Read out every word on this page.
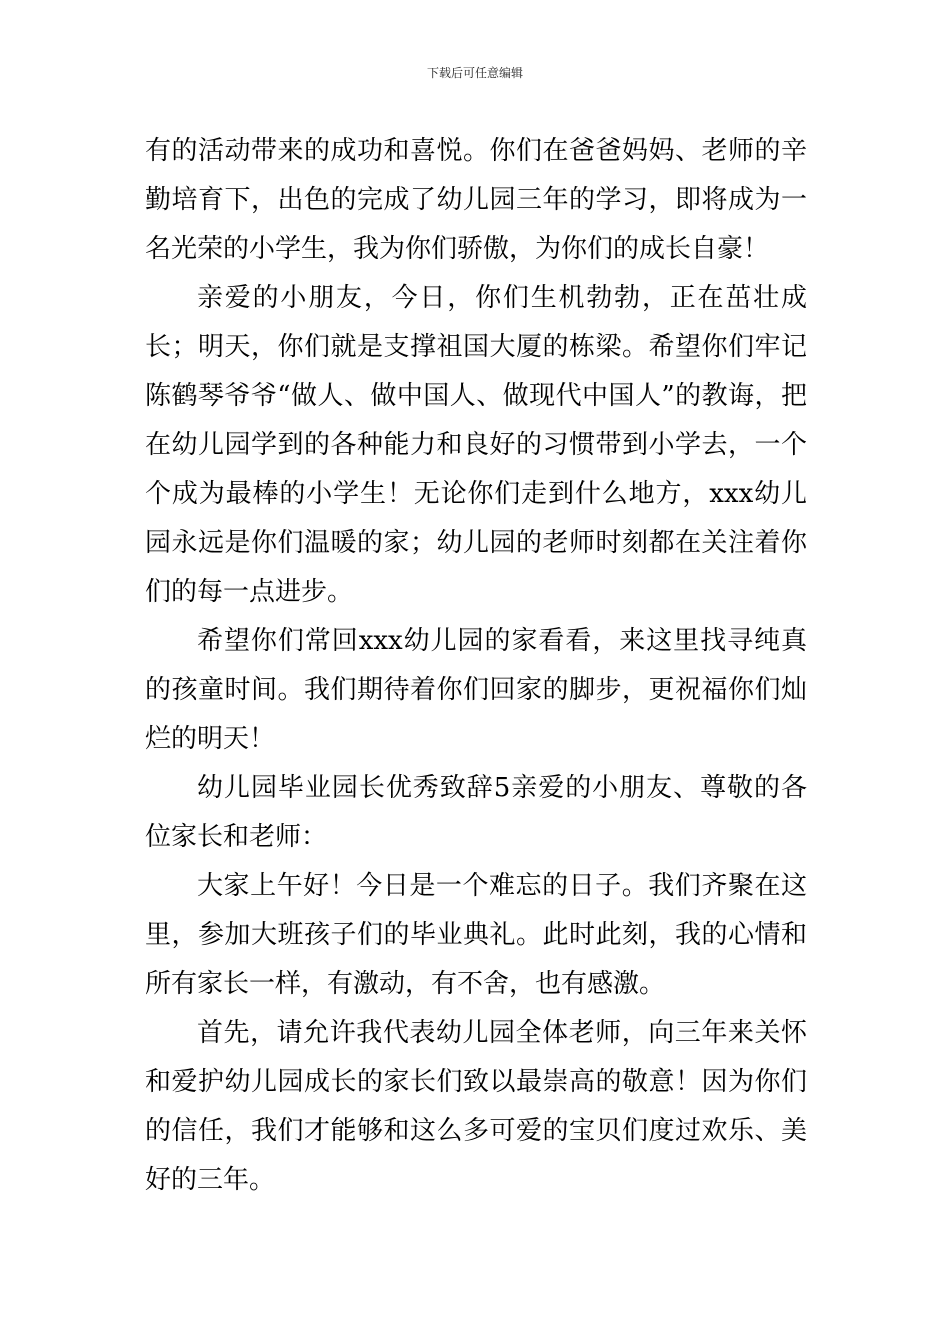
下载后可任意编辑

有的活动带来的成功和喜悦。你们在爸爸妈妈、老师的辛勤培育下，出色的完成了幼儿园三年的学习，即将成为一名光荣的小学生，我为你们骄傲，为你们的成长自豪！

亲爱的小朋友，今日，你们生机勃勃，正在茁壮成长；明天，你们就是支撑祖国大厦的栋梁。希望你们牢记陈鹤琴爷爷“做人、做中国人、做现代中国人”的教诲，把在幼儿园学到的各种能力和良好的习惯带到小学去，一个个成为最棒的小学生！无论你们走到什么地方，xxx幼儿园永远是你们温暖的家；幼儿园的老师时刻都在关注着你们的每一点进步。

希望你们常回xxx幼儿园的家看看，来这里找寻纯真的孩童时间。我们期待着你们回家的脚步，更祝福你们灿烂的明天！

幼儿园毕业园长优秀致辞5亲爱的小朋友、尊敬的各位家长和老师：

大家上午好！今日是一个难忘的日子。我们齐聚在这里，参加大班孩子们的毕业典礼。此时此刻，我的心情和所有家长一样，有激动，有不舍，也有感激。

首先，请允许我代表幼儿园全体老师，向三年来关怀和爱护幼儿园成长的家长们致以最崇高的敬意！因为你们的信任，我们才能够和这么多可爱的宝贝们度过欢乐、美好的三年。
